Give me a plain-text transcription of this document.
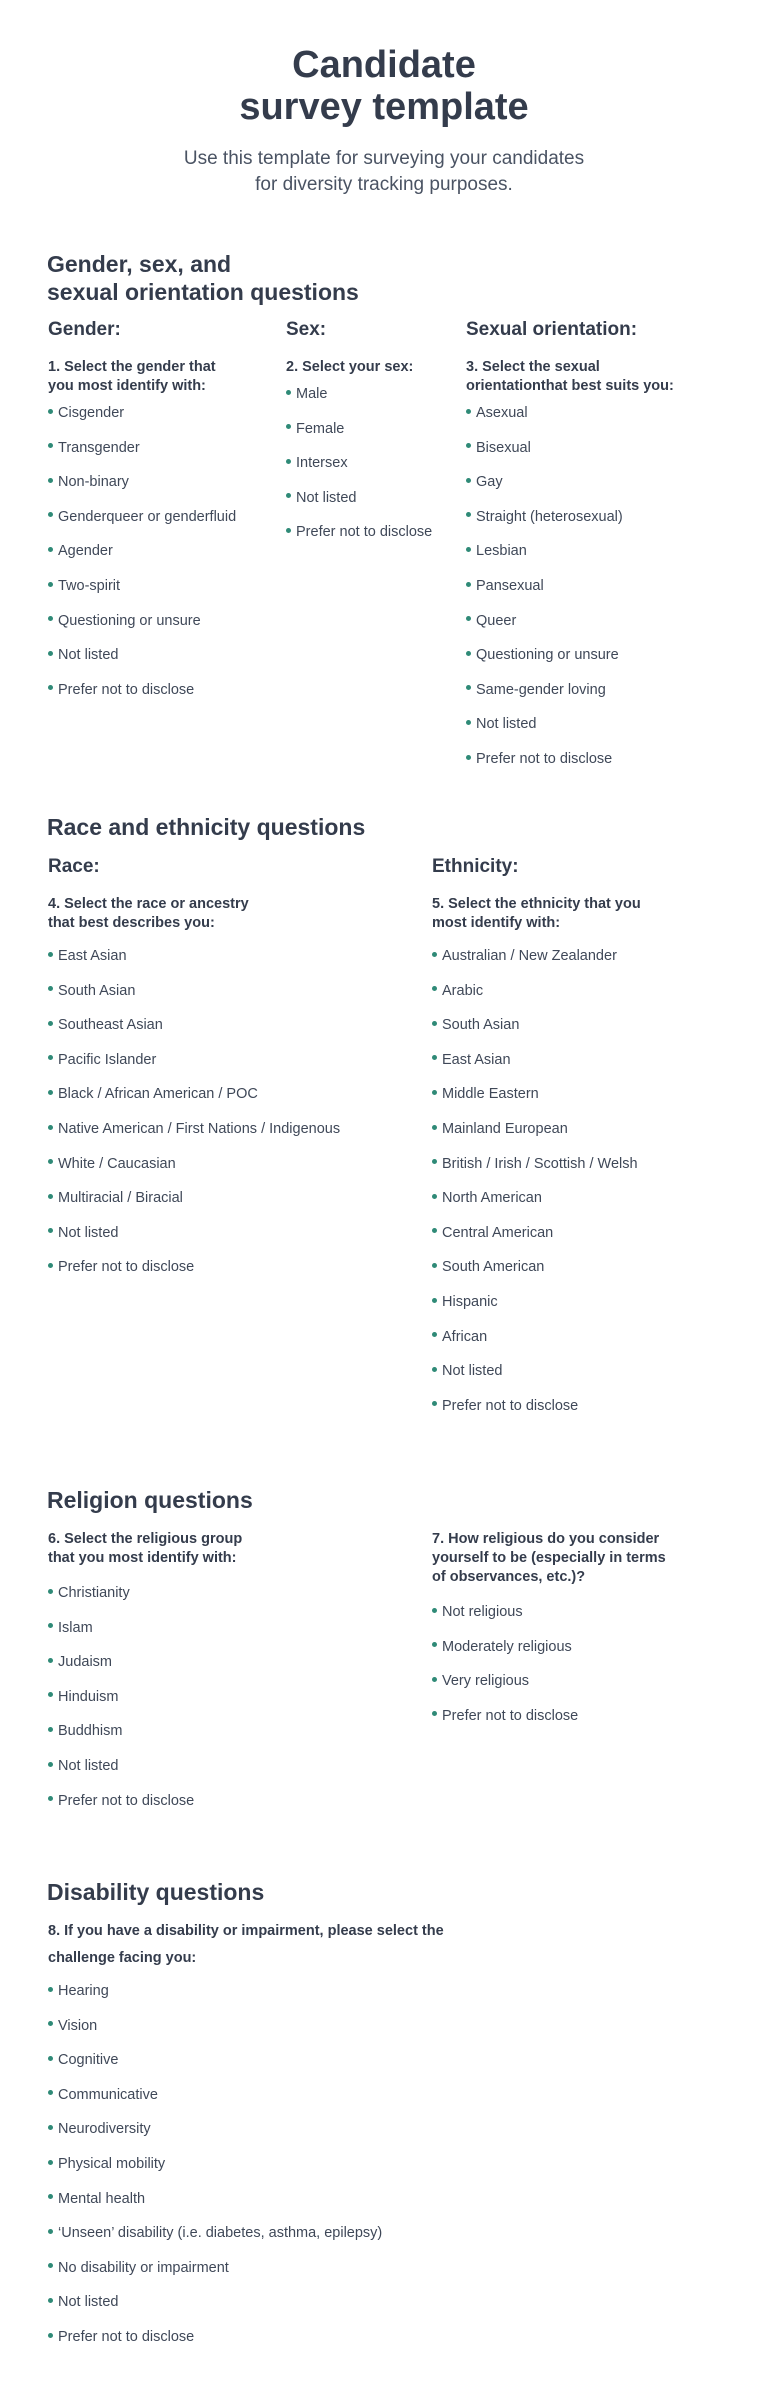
Candidate
survey template

Use this template for surveying your candidates
for diversity tracking purposes.

Gender, sex, and
sexual orientation questions
Gender:
1. Select the gender that
you most identify with:
Cisgender
Transgender
Non-binary
Genderqueer or genderfluid
Agender
Two-spirit
Questioning or unsure
Not listed
Prefer not to disclose
Sex:
2. Select your sex:
Male
Female
Intersex
Not listed
Prefer not to disclose
Sexual orientation:
3. Select the sexual
orientationthat best suits you:
Asexual
Bisexual
Gay
Straight (heterosexual)
Lesbian
Pansexual
Queer
Questioning or unsure
Same-gender loving
Not listed
Prefer not to disclose
Race and ethnicity questions
Race:
4. Select the race or ancestry
that best describes you:
East Asian
South Asian
Southeast Asian
Pacific Islander
Black / African American / POC
Native American / First Nations / Indigenous
White / Caucasian
Multiracial / Biracial
Not listed
Prefer not to disclose
Ethnicity:
5. Select the ethnicity that you
most identify with:
Australian / New Zealander
Arabic
South Asian
East Asian
Middle Eastern
Mainland European
British / Irish / Scottish / Welsh
North American
Central American
South American
Hispanic
African
Not listed
Prefer not to disclose
Religion questions
6. Select the religious group
that you most identify with:
Christianity
Islam
Judaism
Hinduism
Buddhism
Not listed
Prefer not to disclose
7. How religious do you consider
yourself to be (especially in terms
of observances, etc.)?
Not religious
Moderately religious
Very religious
Prefer not to disclose
Disability questions
8. If you have a disability or impairment, please select the
challenge facing you:
Hearing
Vision
Cognitive
Communicative
Neurodiversity
Physical mobility
Mental health
‘Unseen’ disability (i.e. diabetes, asthma, epilepsy)
No disability or impairment
Not listed
Prefer not to disclose
